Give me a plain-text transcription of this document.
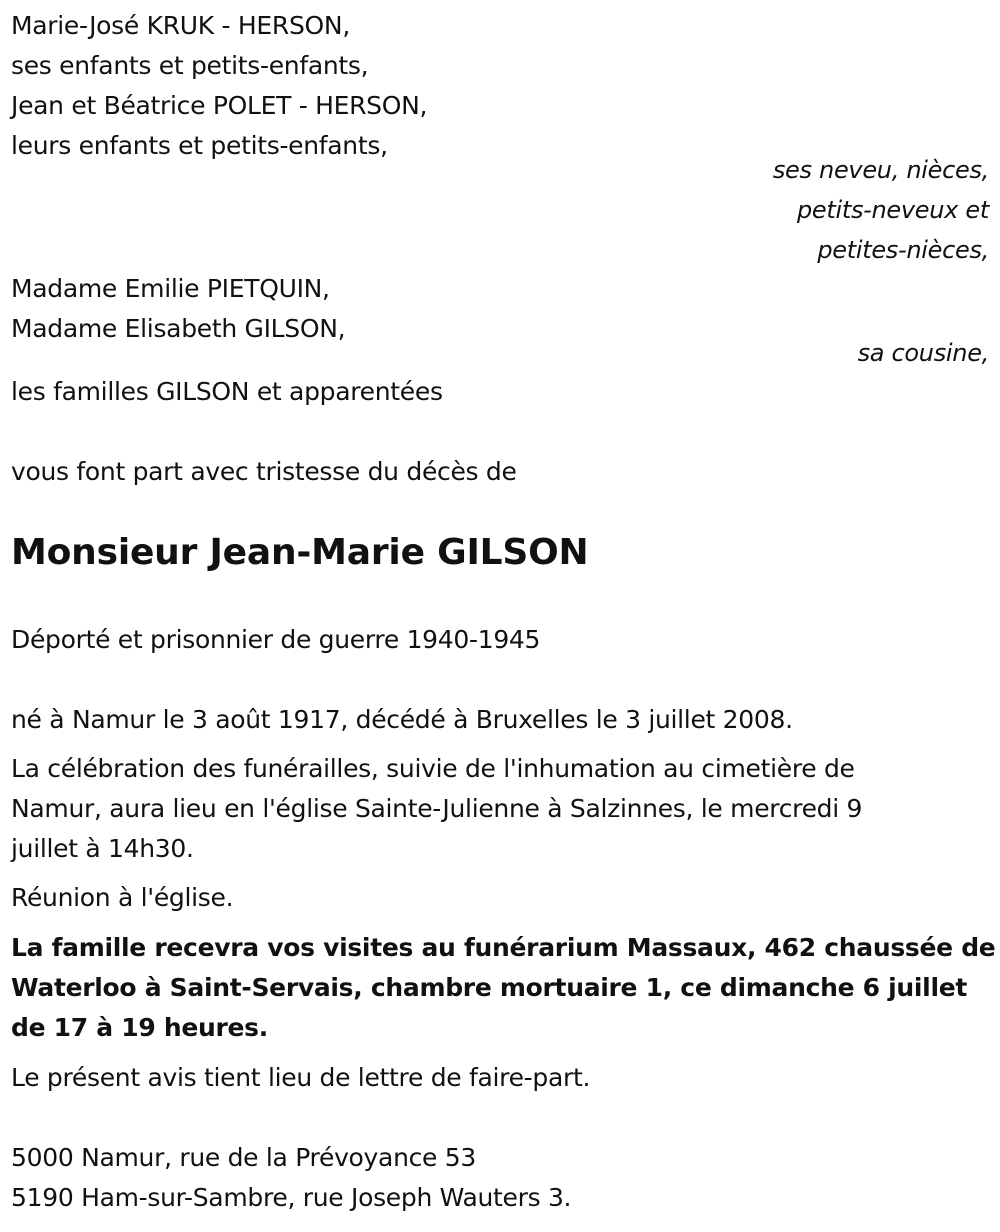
Marie-José KRUK - HERSON,
ses enfants et petits-enfants,
Jean et Béatrice POLET - HERSON,
leurs enfants et petits-enfants,
ses neveu, nièces,
petits-neveux et
petites-nièces,
Madame Emilie PIETQUIN,
Madame Elisabeth GILSON,
sa cousine,
les familles GILSON et apparentées
vous font part avec tristesse du décès de
Monsieur Jean-Marie GILSON
Déporté et prisonnier de guerre 1940-1945
né à Namur le 3 août 1917, décédé à Bruxelles le 3 juillet 2008.
La célébration des funérailles, suivie de l'inhumation au cimetière de
Namur, aura lieu en l'église Sainte-Julienne à Salzinnes, le mercredi 9
juillet à 14h30.
Réunion à l'église.
La famille recevra vos visites au funérarium Massaux, 462 chaussée de
Waterloo à Saint-Servais, chambre mortuaire 1, ce dimanche 6 juillet
de 17 à 19 heures.
Le présent avis tient lieu de lettre de faire-part.
5000 Namur, rue de la Prévoyance 53
5190 Ham-sur-Sambre, rue Joseph Wauters 3.
